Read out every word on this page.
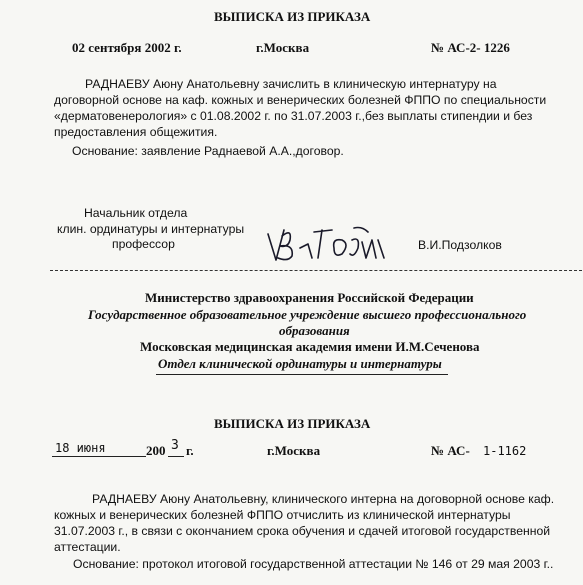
ВЫПИСКА ИЗ ПРИКАЗА
02 сентября 2002 г.	г.Москва	№ АС-2- 1226
РАДНАЕВУ Аюну Анатольевну зачислить в клиническую интернатуру на
договорной основе на каф. кожных и венерических болезней ФППО по специальности
«дерматовенерология» с 01.08.2002 г. по 31.07.2003 г.,без выплаты стипендии и без
предоставления общежития.
Основание: заявление Раднаевой А.А.,договор.
Начальник отдела
клин. ординатуры и интернатуры
профессор	В.И.Подзолков
Министерство здравоохранения Российской Федерации
Государственное образовательное учреждение высшего профессионального
образования
Московская медицинская академия имени И.М.Сеченова
Отдел клинической ординатуры и интернатуры
ВЫПИСКА ИЗ ПРИКАЗА
18 июня	200 3 г.	г.Москва	№ АС- 1-1162
РАДНАЕВУ Аюну Анатольевну, клинического интерна на договорной основе каф.
кожных и венерических болезней ФППО отчислить из клинической интернатуры
31.07.2003 г., в связи с окончанием срока обучения и сдачей итоговой государственной
аттестации.
Основание: протокол итоговой государственной аттестации № 146 от 29 мая 2003 г..
